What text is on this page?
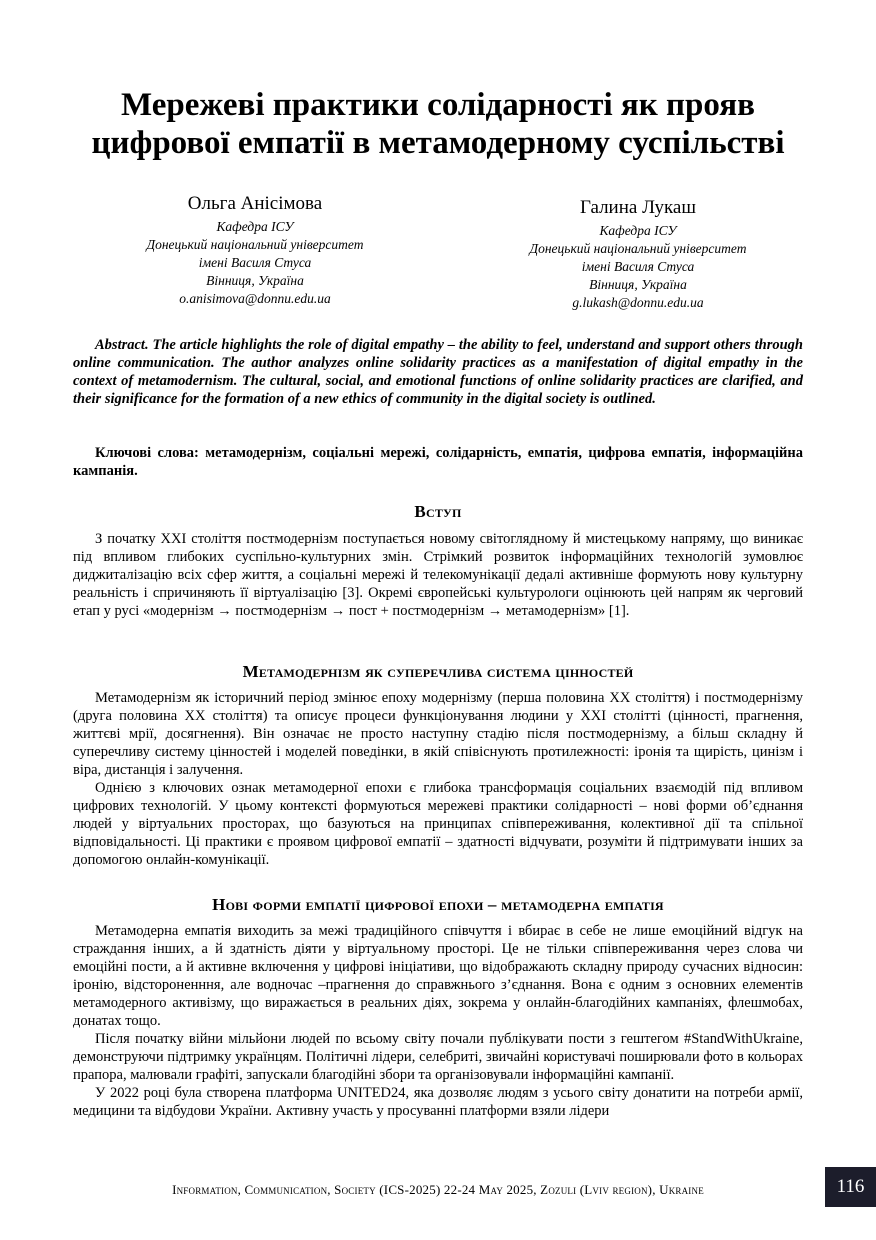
Мережеві практики солідарності як прояв
цифрової емпатії в метамодерному суспільстві
Ольга Анісімова
Кафедра ІСУ
Донецький національний університет
імені Василя Стуса
Вінниця, Україна
o.anisimova@donnu.edu.ua
Галина Лукаш
Кафедра ІСУ
Донецький національний університет
імені Василя Стуса
Вінниця, Україна
g.lukash@donnu.edu.ua
Abstract. The article highlights the role of digital empathy – the ability to feel, understand and support others through online communication. The author analyzes online solidarity practices as a manifestation of digital empathy in the context of metamodernism. The cultural, social, and emotional functions of online solidarity practices are clarified, and their significance for the formation of a new ethics of community in the digital society is outlined.
Ключові слова: метамодернізм, соціальні мережі, солідарність, емпатія, цифрова емпатія, інформаційна кампанія.
Вступ

З початку XXI століття постмодернізм поступається новому світоглядному й мистецькому напряму, що виникає під впливом глибоких суспільно-культурних змін. Стрімкий розвиток інформаційних технологій зумовлює диджиталізацію всіх сфер життя, а соціальні мережі й телекомунікації дедалі активніше формують нову культурну реальність і спричиняють її віртуалізацію [3]. Окремі європейські культурологи оцінюють цей напрям як черговий етап у русі «модернізм → постмодернізм → пост + постмодернізм → метамодернізм» [1].

Метамодернізм як суперечлива система цінностей

Метамодернізм як історичний період змінює епоху модернізму (перша половина XX століття) і постмодернізму (друга половина XX століття) та описує процеси функціонування людини у XXI столітті (цінності, прагнення, життєві мрії, досягнення). Він означає не просто наступну стадію після постмодернізму, а більш складну й суперечливу систему цінностей і моделей поведінки, в якій співіснують протилежності: іронія та щирість, цинізм і віра, дистанція і залучення.

Однією з ключових ознак метамодерної епохи є глибока трансформація соціальних взаємодій під впливом цифрових технологій. У цьому контексті формуються мережеві практики солідарності – нові форми об’єднання людей у віртуальних просторах, що базуються на принципах співпереживання, колективної дії та спільної відповідальності. Ці практики є проявом цифрової емпатії – здатності відчувати, розуміти й підтримувати інших за допомогою онлайн-комунікації.

Нові форми емпатії цифрової епохи – метамодерна емпатія

Метамодерна емпатія виходить за межі традиційного співчуття і вбирає в себе не лише емоційний відгук на страждання інших, а й здатність діяти у віртуальному просторі. Це не тільки співпереживання через слова чи емоційні пости, а й активне включення у цифрові ініціативи, що відображають складну природу сучасних відносин: іронію, відстороненння, але водночас –прагнення до справжнього з’єднання. Вона є одним з основних елементів метамодерного активізму, що виражається в реальних діях, зокрема у онлайн-благодійних кампаніях, флешмобах, донатах тощо.

Після початку війни мільйони людей по всьому світу почали публікувати пости з гештегом #StandWithUkraine, демонструючи підтримку українцям. Політичні лідери, селебриті, звичайні користувачі поширювали фото в кольорах прапора, малювали графіті, запускали благодійні збори та організовували інформаційні кампанії.

У 2022 році була створена платформа UNITED24, яка дозволяє людям з усього світу донатити на потреби армії, медицини та відбудови України. Активну участь у просуванні платформи взяли лідери

Information, Communication, Society (ICS-2025) 22-24 May 2025, Zozuli (Lviv region), Ukraine	116
